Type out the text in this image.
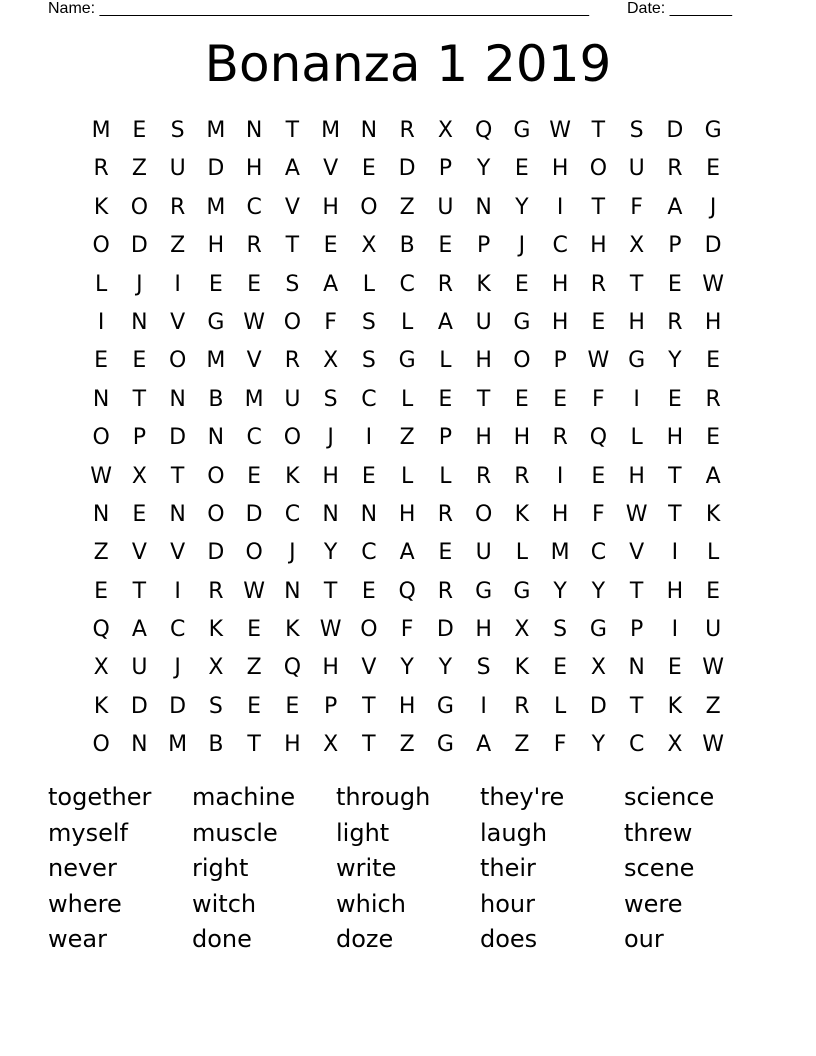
Name: _______________________________________________________ Date: _______
Bonanza 1 2019
M E	S M N	T	M N	R	X	Q G W T	S	D G
R	Z	U D H	A	V	E	D	P	Y	E	H O U	R	E
K	O R M C	V	H O	Z	U N	Y	I	T	F	A	J
O D	Z	H	R	T	E	X	B	E	P	J	C	H	X	P	D
L	J	I	E	E	S	A	L	C	R	K	E	H	R	T	E W
I	N	V	G W O	F	S	L	A	U G H	E	H	R	H
E	E	O M V	R	X	S	G	L	H O	P W G	Y	E
N	T	N	B M U	S	C	L	E	T	E	E	F	I	E	R
O	P	D N	C O	J	I	Z	P	H H	R Q	L	H	E
W X	T	O	E	K	H	E	L	L	R	R	I	E	H	T	A
N	E	N O D	C	N N H	R O	K	H	F W T	K
Z	V	V	D O	J	Y	C	A	E	U	L	M C	V	I	L
E	T	I	R W N	T	E	Q R	G G	Y	Y	T	H	E
Q	A	C	K	E	K W O	F	D H	X	S	G	P	I	U
X	U	J	X	Z	Q H	V	Y	Y	S	K	E	X	N	E W
K	D D	S	E	E	P	T	H G	I	R	L	D	T	K	Z
O N M B	T	H	X	T	Z	G	A	Z	F	Y	C	X W
together	machine	through	they're	science
myself	muscle	light	laugh	threw
never	right	write	their	scene
where	witch	which	hour	were
wear	done	doze	does	our
